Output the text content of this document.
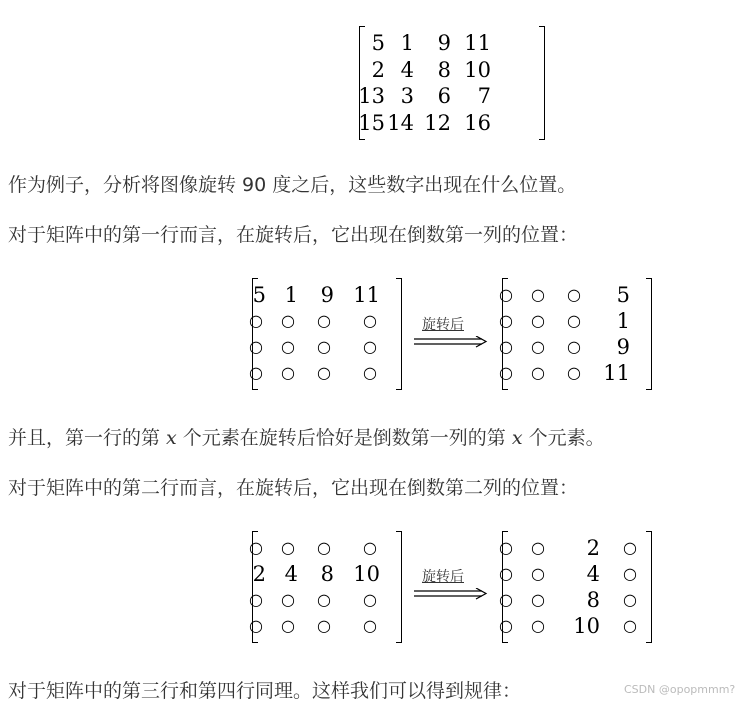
5 1	9 11
2 4	8 10
13 3	6	7
15 14 12 16
作为例子，分析将图像旋转 90 度之后，这些数字出现在什么位置。
对于矩阵中的第一行而言，在旋转后，它出现在倒数第一列的位置：
5 1	9 11
○ ○ ○ ○
○ ○ ○ ○
○ ○ ○ ○
旋转后
○ ○ ○	5
○ ○ ○	1
○ ○ ○	9
○ ○ ○	11
并且，第一行的第 x 个元素在旋转后恰好是倒数第一列的第 x 个元素。
对于矩阵中的第二行而言，在旋转后，它出现在倒数第二列的位置：
○ ○ ○ ○
2 4	8 10
○ ○ ○ ○
○ ○ ○ ○
旋转后
○ ○	2 ○
○ ○	4 ○
○ ○	8 ○
○ ○	10 ○
对于矩阵中的第三行和第四行同理。这样我们可以得到规律：	CSDN @opopmmm?
